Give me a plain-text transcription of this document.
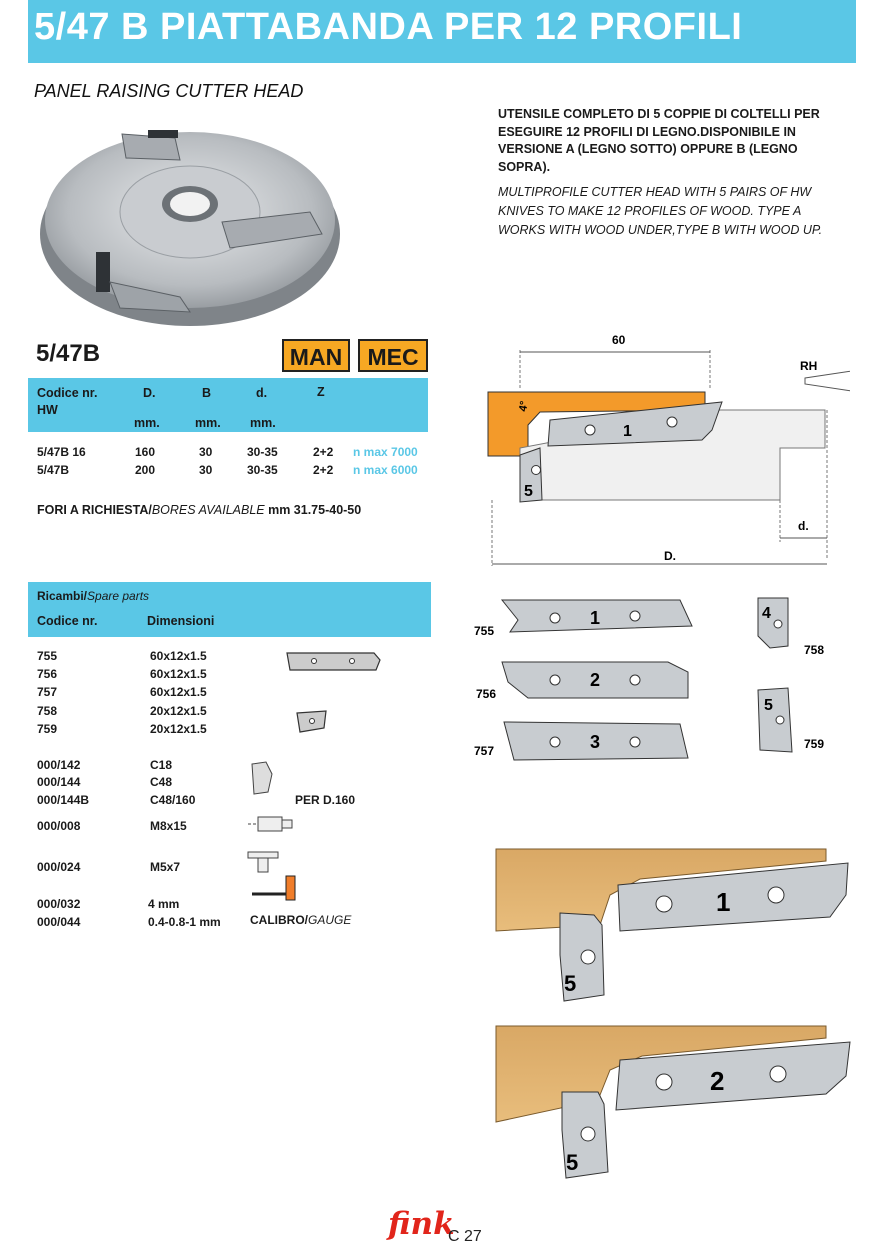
5/47 B PIATTABANDA PER 12 PROFILI
PANEL RAISING CUTTER HEAD
UTENSILE COMPLETO DI 5 COPPIE DI COLTELLI PER ESEGUIRE 12 PROFILI DI LEGNO.DISPONIBILE IN VERSIONE A (LEGNO SOTTO) OPPURE B (LEGNO SOPRA).
MULTIPROFILE CUTTER HEAD WITH 5 PAIRS OF HW KNIVES TO MAKE 12 PROFILES OF WOOD. TYPE A WORKS WITH WOOD UNDER,TYPE B WITH WOOD UP.
5/47B	MAN	MEC
Codice nr.
HW
D.	B	d.	Z
mm.	mm. mm.
5/47B 16	160	30	30-35	2+2 n max 7000
5/47B	200	30	30-35	2+2 n max 6000
FORI A RICHIESTA/BORES AVAILABLE mm 31.75-40-50
Ricambi/Spare parts
Codice nr.	Dimensioni
755	60x12x1.5
756	60x12x1.5
757	60x12x1.5
758	20x12x1.5
759	20x12x1.5
000/142	C18
000/144	C48
000/144B	C48/160	PER D.160
000/008	M8x15
000/024	M5x7
000/032	4 mm
000/044	0.4-0.8-1 mm CALIBRO/GAUGE
60
RH
4°
1
5
d.
D.
1
755
2
756
3
757
4
758
5
759
1
5
2
5
fink
C 27
